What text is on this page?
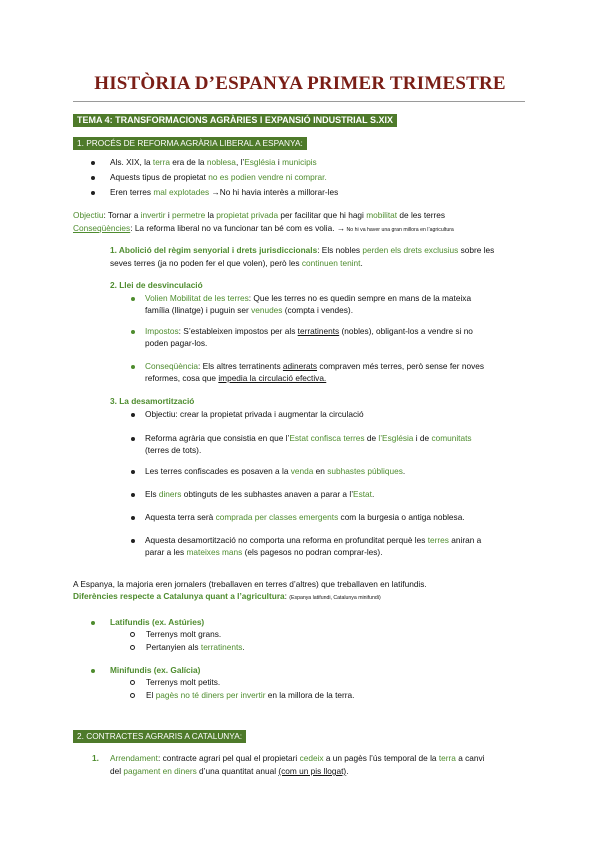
HISTÒRIA D’ESPANYA PRIMER TRIMESTRE
TEMA 4: TRANSFORMACIONS AGRÀRIES I EXPANSIÓ INDUSTRIAL S.XIX
1. PROCÉS DE REFORMA AGRÀRIA LIBERAL A ESPANYA:
Als. XIX, la terra era de la noblesa, l’Església i municipis
Aquests tipus de propietat no es podien vendre ni comprar.
Eren terres mal explotades →No hi havia interès a millorar-les
Objectiu: Tornar a invertir i permetre la propietat privada per facilitar que hi hagi mobilitat de les terres
Conseqüències: La reforma liberal no va funcionar tan bé com es volia. → No hi va haver una gran millora en l’agricultura
1. Abolició del règim senyorial i drets jurisdiccionals: Els nobles perden els drets exclusius sobre les
seves terres (ja no poden fer el que volen), però les continuen tenint.
2. Llei de desvinculació
Volien Mobilitat de les terres: Que les terres no es quedin sempre en mans de la mateixa
família (llinatge) i puguin ser venudes (compta i vendes).
Impostos: S’estableixen impostos per als terratinents (nobles), obligant-los a vendre si no
poden pagar-los.
Conseqüència: Els altres terratinents adinerats compraven més terres, però sense fer noves
reformes, cosa que impedia la circulació efectiva.
3. La desamortització
Objectiu: crear la propietat privada i augmentar la circulació
Reforma agrària que consistia en que l’Estat confisca terres de l’Església i de comunitats
(terres de tots).
Les terres confiscades es posaven a la venda en subhastes públiques.
Els diners obtinguts de les subhastes anaven a parar a l’Estat.
Aquesta terra serà comprada per classes emergents com la burgesia o antiga noblesa.
Aquesta desamortització no comporta una reforma en profunditat perquè les terres aniran a
parar a les mateixes mans (els pagesos no podran comprar-les).
A Espanya, la majoria eren jornalers (treballaven en terres d’altres) que treballaven en latifundis.
Diferències respecte a Catalunya quant a l’agricultura: (Espanya latifundi, Catalunya minifundi)
Latifundis (ex. Astúries)
Terrenys molt grans.
Pertanyien als terratinents.
Minifundis (ex. Galícia)
Terrenys molt petits.
El pagès no té diners per invertir en la millora de la terra.
2. CONTRACTES AGRARIS A CATALUNYA:
1. Arrendament: contracte agrari pel qual el propietari cedeix a un pagès l’ús temporal de la terra a canvi
del pagament en diners d’una quantitat anual (com un pis llogat).
